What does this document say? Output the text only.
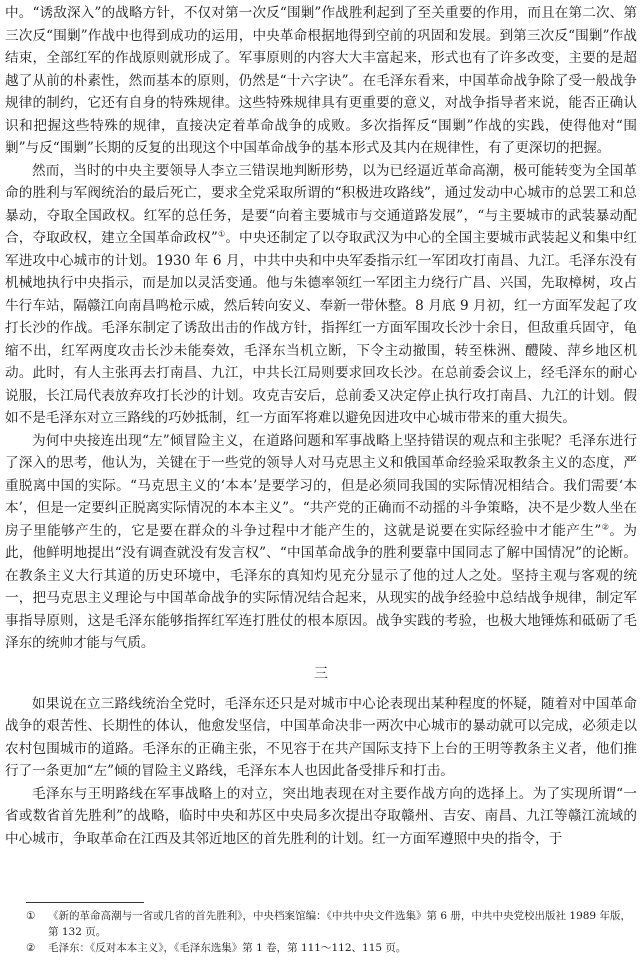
中。“诱敌深入”的战略方针，不仅对第一次反“围剿”作战胜利起到了至关重要的作用，而且在第二次、第三次反“围剿”作战中也得到成功的运用，中央革命根据地得到空前的巩固和发展。到第三次反“围剿”作战结束，全部红军的作战原则就形成了。军事原则的内容大大丰富起来，形式也有了许多改变，主要的是超越了从前的朴素性，然而基本的原则，仍然是“十六字诀”。在毛泽东看来，中国革命战争除了受一般战争规律的制约，它还有自身的特殊规律。这些特殊规律具有更重要的意义，对战争指导者来说，能否正确认识和把握这些特殊的规律，直接决定着革命战争的成败。多次指挥反“围剿”作战的实践，使得他对“围剿”与反“围剿”长期的反复的出现这个中国革命战争的基本形式及其内在规律性，有了更深切的把握。

然而，当时的中央主要领导人李立三错误地判断形势，以为已经逼近革命高潮，极可能转变为全国革命的胜利与军阀统治的最后死亡，要求全党采取所谓的“积极进攻路线”，通过发动中心城市的总罢工和总暴动，夺取全国政权。红军的总任务，是要“向着主要城市与交通道路发展”，“与主要城市的武装暴动配合，夺取政权，建立全国革命政权”①。中央还制定了以夺取武汉为中心的全国主要城市武装起义和集中红军进攻中心城市的计划。1930 年 6 月，中共中央和中央军委指示红一军团攻打南昌、九江。毛泽东没有机械地执行中央指示，而是加以灵活变通。他与朱德率领红一军团主力绕行广昌、兴国，先取樟树，攻占牛行车站，隔赣江向南昌鸣枪示威，然后转向安义、奉新一带休整。8 月底 9 月初，红一方面军发起了攻打长沙的作战。毛泽东制定了诱敌出击的作战方针，指挥红一方面军围攻长沙十余日，但敌重兵固守，龟缩不出，红军两度攻击长沙未能奏效，毛泽东当机立断，下令主动撤围，转至株洲、醴陵、萍乡地区机动。此时，有人主张再去打南昌、九江，中共长江局则要求回攻长沙。在总前委会议上，经毛泽东的耐心说服，长江局代表放弃攻打长沙的计划。攻克吉安后，总前委又决定停止执行攻打南昌、九江的计划。假如不是毛泽东对立三路线的巧妙抵制，红一方面军将难以避免因进攻中心城市带来的重大损失。

为何中央接连出现“左”倾冒险主义，在道路问题和军事战略上坚持错误的观点和主张呢？毛泽东进行了深入的思考，他认为，关键在于一些党的领导人对马克思主义和俄国革命经验采取教条主义的态度，严重脱离中国的实际。“马克思主义的‘本本’是要学习的，但是必须同我国的实际情况相结合。我们需要‘本本’，但是一定要纠正脱离实际情况的本本主义”。“共产党的正确而不动摇的斗争策略，决不是少数人坐在房子里能够产生的，它是要在群众的斗争过程中才能产生的，这就是说要在实际经验中才能产生”②。为此，他鲜明地提出“没有调查就没有发言权”、“中国革命战争的胜利要靠中国同志了解中国情况”的论断。在教条主义大行其道的历史环境中，毛泽东的真知灼见充分显示了他的过人之处。坚持主观与客观的统一，把马克思主义理论与中国革命战争的实际情况结合起来，从现实的战争经验中总结战争规律，制定军事指导原则，这是毛泽东能够指挥红军连打胜仗的根本原因。战争实践的考验，也极大地锤炼和砥砺了毛泽东的统帅才能与气质。

三

如果说在立三路线统治全党时，毛泽东还只是对城市中心论表现出某种程度的怀疑，随着对中国革命战争的艰苦性、长期性的体认，他愈发坚信，中国革命决非一两次中心城市的暴动就可以完成，必须走以农村包围城市的道路。毛泽东的正确主张，不见容于在共产国际支持下上台的王明等教条主义者，他们推行了一条更加“左”倾的冒险主义路线，毛泽东本人也因此备受排斥和打击。

毛泽东与王明路线在军事战略上的对立，突出地表现在对主要作战方向的选择上。为了实现所谓“一省或数省首先胜利”的战略，临时中央和苏区中央局多次提出夺取赣州、吉安、南昌、九江等赣江流域的中心城市，争取革命在江西及其邻近地区的首先胜利的计划。红一方面军遵照中央的指令，于

①	《新的革命高潮与一省或几省的首先胜利》，中央档案馆编：《中共中央文件选集》第 6 册，中共中央党校出版社 1989 年版，第 132 页。
②	毛泽东：《反对本本主义》，《毛泽东选集》第 1 卷，第 111～112、115 页。
